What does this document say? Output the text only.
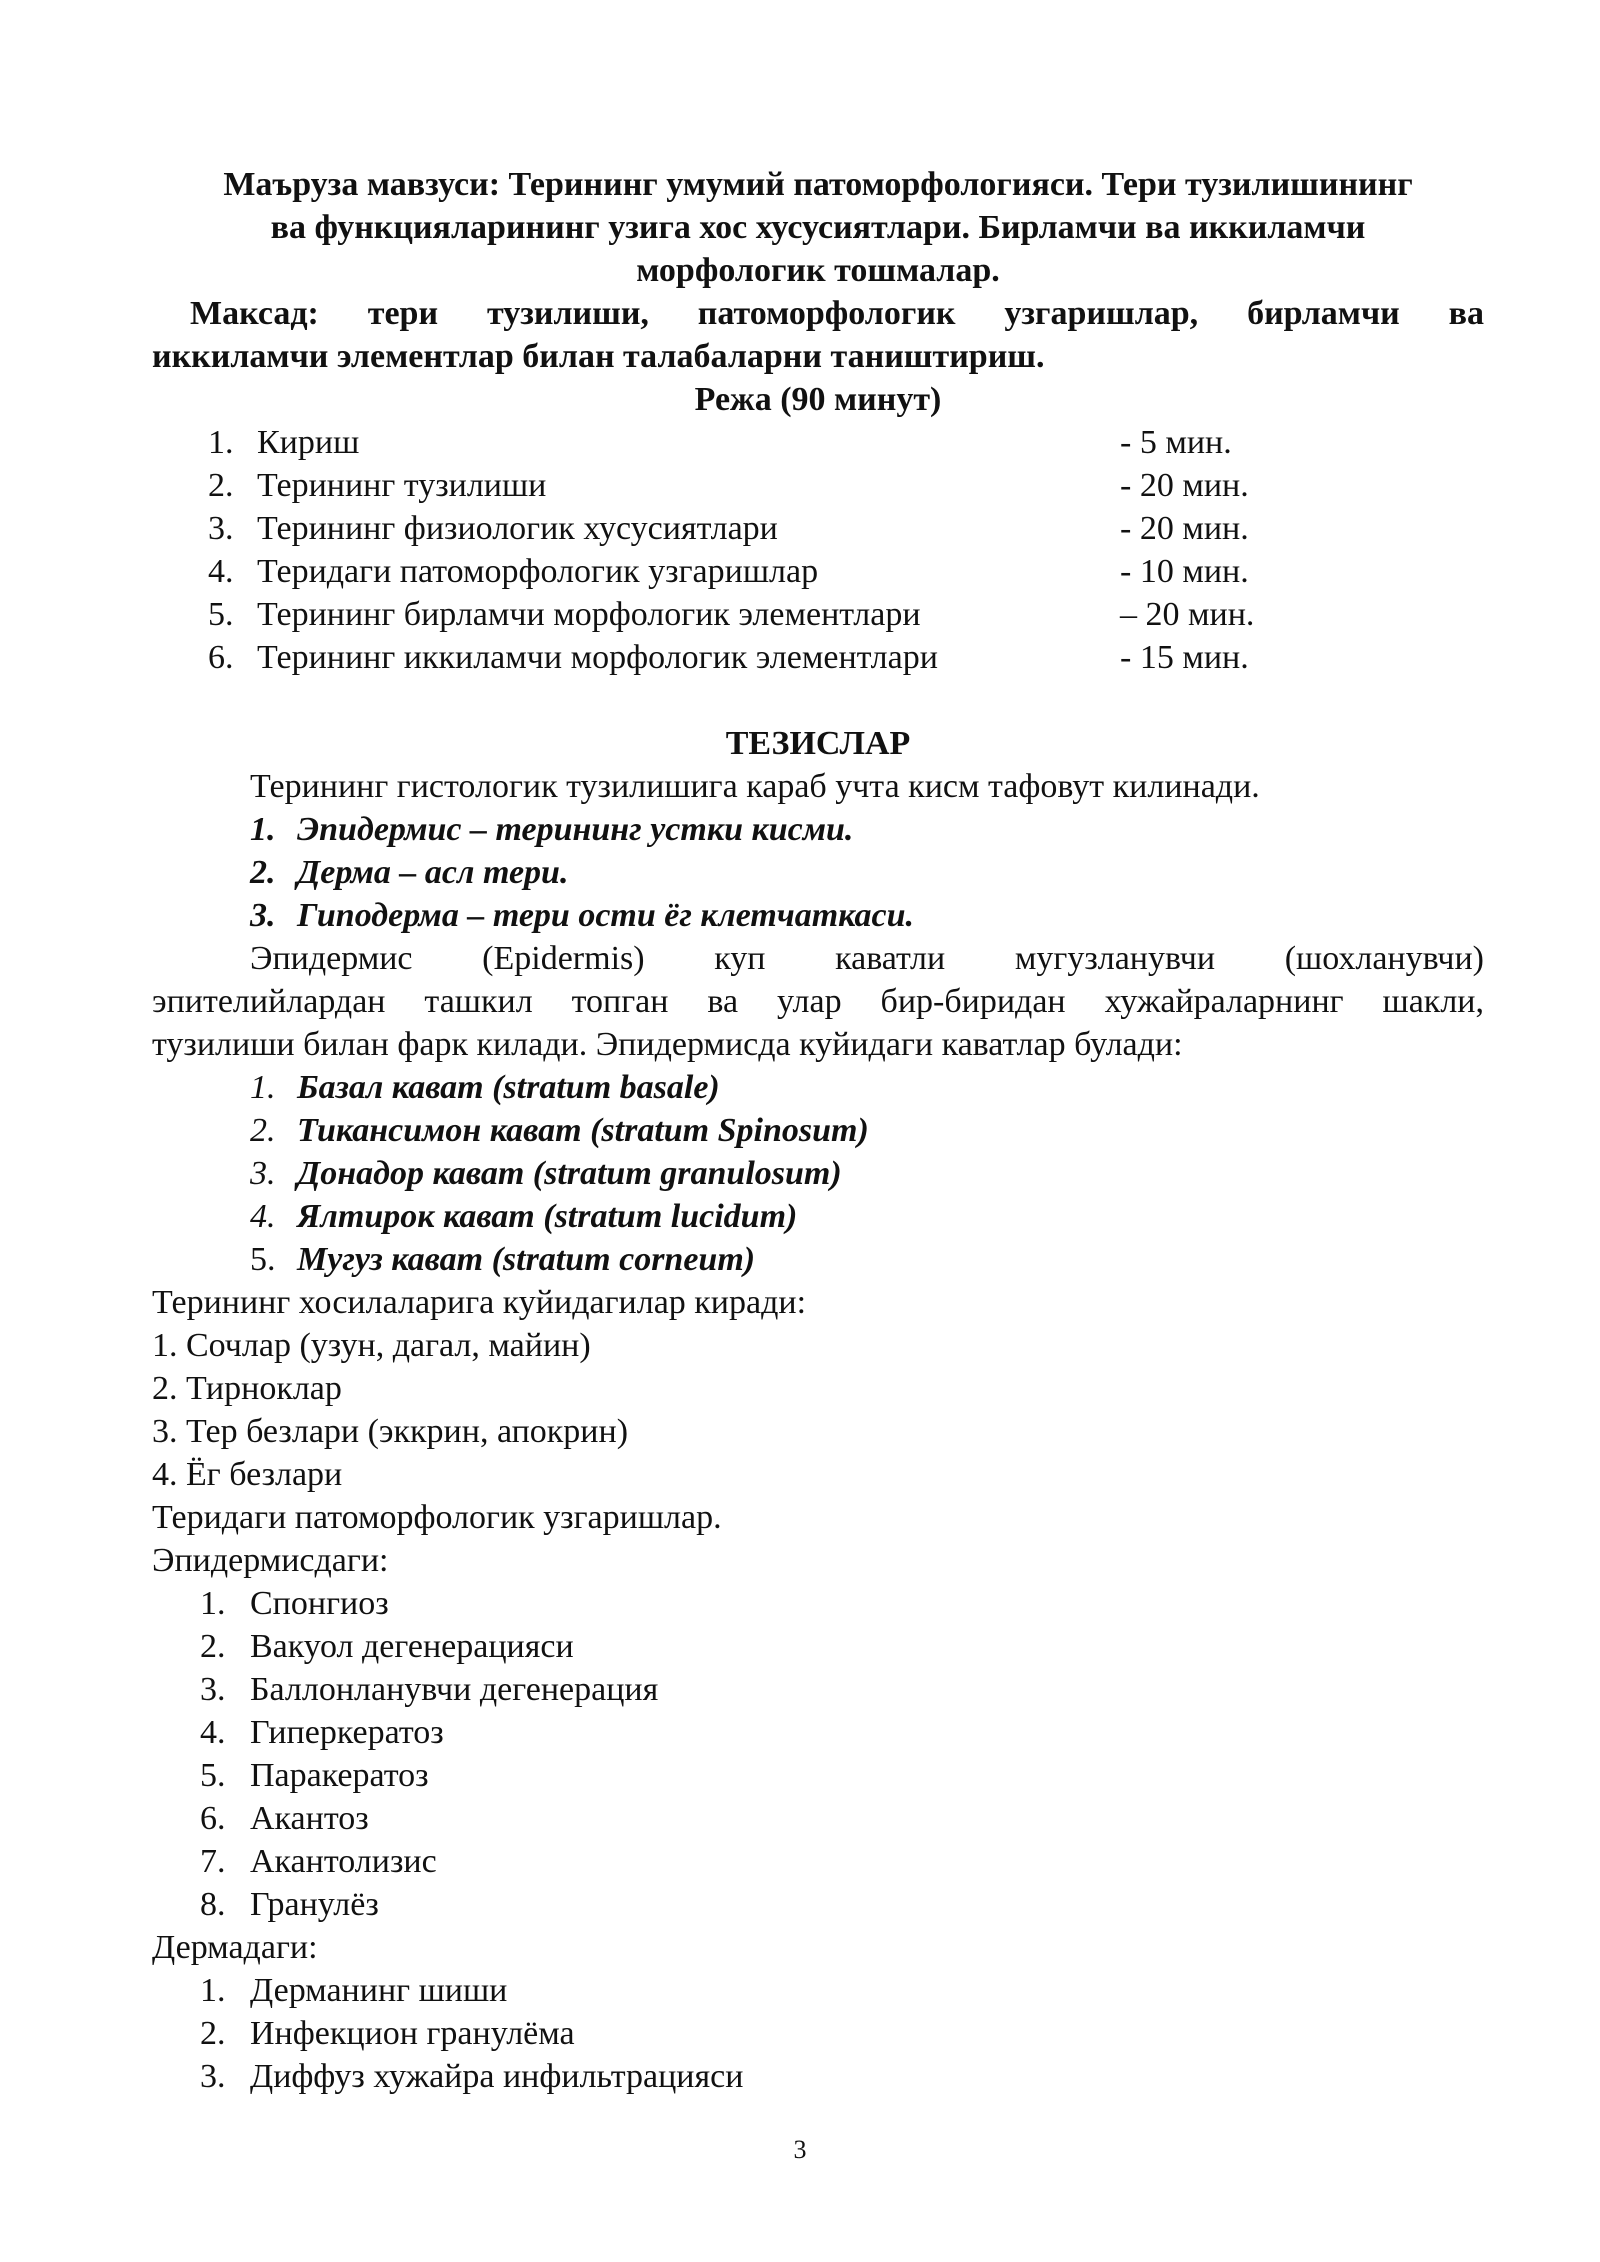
Маъруза мавзуси: Терининг умумий патоморфологияси. Тери тузилишининг
ва функцияларининг узига хос хусусиятлари. Бирламчи ва иккиламчи
морфологик тошмалар.
Максад: тери тузилиши, патоморфологик узгаришлар, бирламчи ва
иккиламчи элементлар билан талабаларни таништириш.
Режа (90 минут)
1. Кириш	- 5 мин.
2. Терининг тузилиши	- 20 мин.
3. Терининг физиологик хусусиятлари	- 20 мин.
4. Теридаги патоморфологик узгаришлар	- 10 мин.
5. Терининг бирламчи морфологик элементлари	– 20 мин.
6. Терининг иккиламчи морфологик элементлари	- 15 мин.
ТЕЗИСЛАР
Терининг гистологик тузилишига караб учта кисм тафовут килинади.
1. Эпидермис – терининг устки кисми.
2. Дерма – асл тери.
3. Гиподерма – тери ости ёг клетчаткаси.
Эпидермис (Epidermis) куп каватли мугузланувчи (шохланувчи)
эпителийлардан ташкил топган ва улар бир-биридан хужайраларнинг шакли,
тузилиши билан фарк килади. Эпидермисда куйидаги каватлар булади:
1. Базал кават (stratum basale)
2. Тикансимон кават (stratum Spinosum)
3. Донадор кават (stratum granulosum)
4. Ялтирок кават (stratum lucidum)
5. Мугуз кават (stratum corneum)
Терининг хосилаларига куйидагилар киради:
1. Сочлар (узун, дагал, майин)
2. Тирноклар
3. Тер безлари (эккрин, апокрин)
4. Ёг безлари
Теридаги патоморфологик узгаришлар.
Эпидермисдаги:
1. Спонгиоз
2. Вакуол дегенерацияси
3. Баллонланувчи дегенерация
4. Гиперкератоз
5. Паракератоз
6. Акантоз
7. Акантолизис
8. Гранулёз
Дермадаги:
1. Дерманинг шиши
2. Инфекцион гранулёма
3. Диффуз хужайра инфильтрацияси
3
